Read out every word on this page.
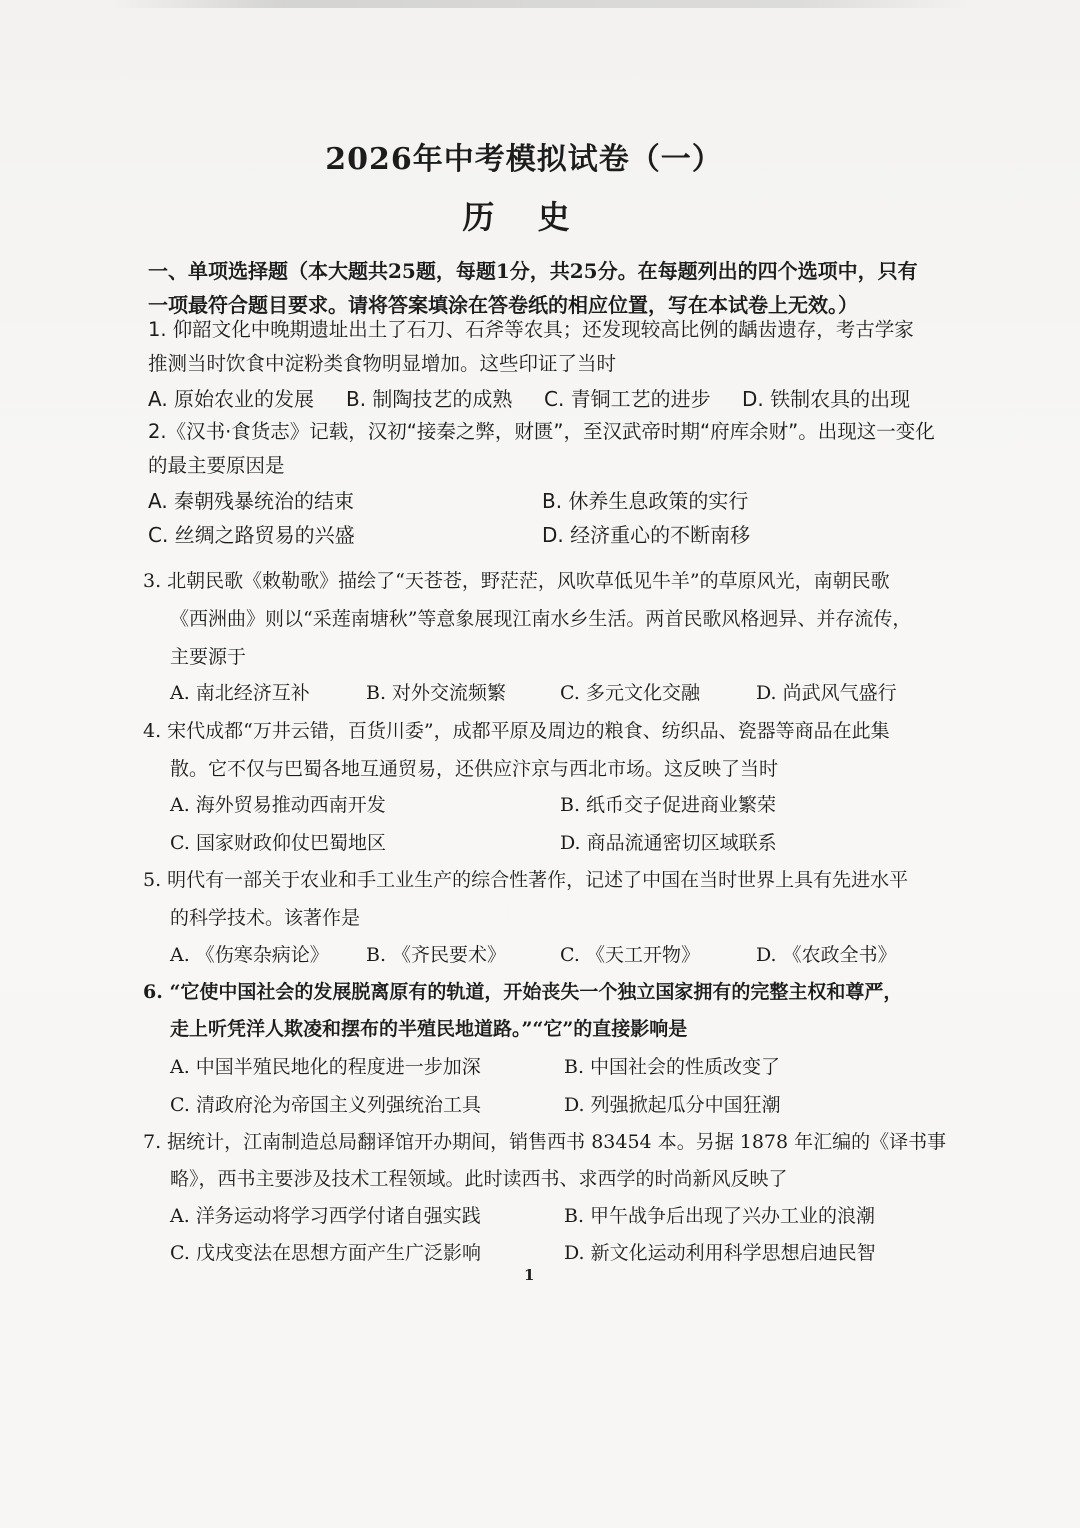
2026年中考模拟试卷（一）
历 史
一、单项选择题（本大题共25题，每题1分，共25分。在每题列出的四个选项中，只有一项最符合题目要求。请将答案填涂在答卷纸的相应位置，写在本试卷上无效。）
1. 仰韶文化中晚期遗址出土了石刀、石斧等农具；还发现较高比例的龋齿遗存，考古学家
推测当时饮食中淀粉类食物明显增加。这些印证了当时
A. 原始农业的发展 B. 制陶技艺的成熟 C. 青铜工艺的进步 D. 铁制农具的出现
2.《汉书·食货志》记载，汉初“接秦之弊，财匮”，至汉武帝时期“府库余财”。出现这一变化
的最主要原因是
A. 秦朝残暴统治的结束	B. 休养生息政策的实行
C. 丝绸之路贸易的兴盛	D. 经济重心的不断南移
3. 北朝民歌《敕勒歌》描绘了“天苍苍，野茫茫，风吹草低见牛羊”的草原风光，南朝民歌
《西洲曲》则以“采莲南塘秋”等意象展现江南水乡生活。两首民歌风格迥异、并存流传，
主要源于
A. 南北经济互补	B. 对外交流频繁	C. 多元文化交融	D. 尚武风气盛行
4. 宋代成都“万井云错，百货川委”，成都平原及周边的粮食、纺织品、瓷器等商品在此集
散。它不仅与巴蜀各地互通贸易，还供应汴京与西北市场。这反映了当时
A. 海外贸易推动西南开发	B. 纸币交子促进商业繁荣
C. 国家财政仰仗巴蜀地区	D. 商品流通密切区域联系
5. 明代有一部关于农业和手工业生产的综合性著作，记述了中国在当时世界上具有先进水平
的科学技术。该著作是
A. 《伤寒杂病论》 B. 《齐民要术》	C. 《天工开物》	D. 《农政全书》
6. “它使中国社会的发展脱离原有的轨道，开始丧失一个独立国家拥有的完整主权和尊严，
走上听凭洋人欺凌和摆布的半殖民地道路。”“它”的直接影响是
A. 中国半殖民地化的程度进一步加深	B. 中国社会的性质改变了
C. 清政府沦为帝国主义列强统治工具	D. 列强掀起瓜分中国狂潮
7. 据统计，江南制造总局翻译馆开办期间，销售西书 83454 本。另据 1878 年汇编的《译书事
略》，西书主要涉及技术工程领域。此时读西书、求西学的时尚新风反映了
A. 洋务运动将学习西学付诸自强实践	B. 甲午战争后出现了兴办工业的浪潮
C. 戊戌变法在思想方面产生广泛影响	D. 新文化运动利用科学思想启迪民智
1
